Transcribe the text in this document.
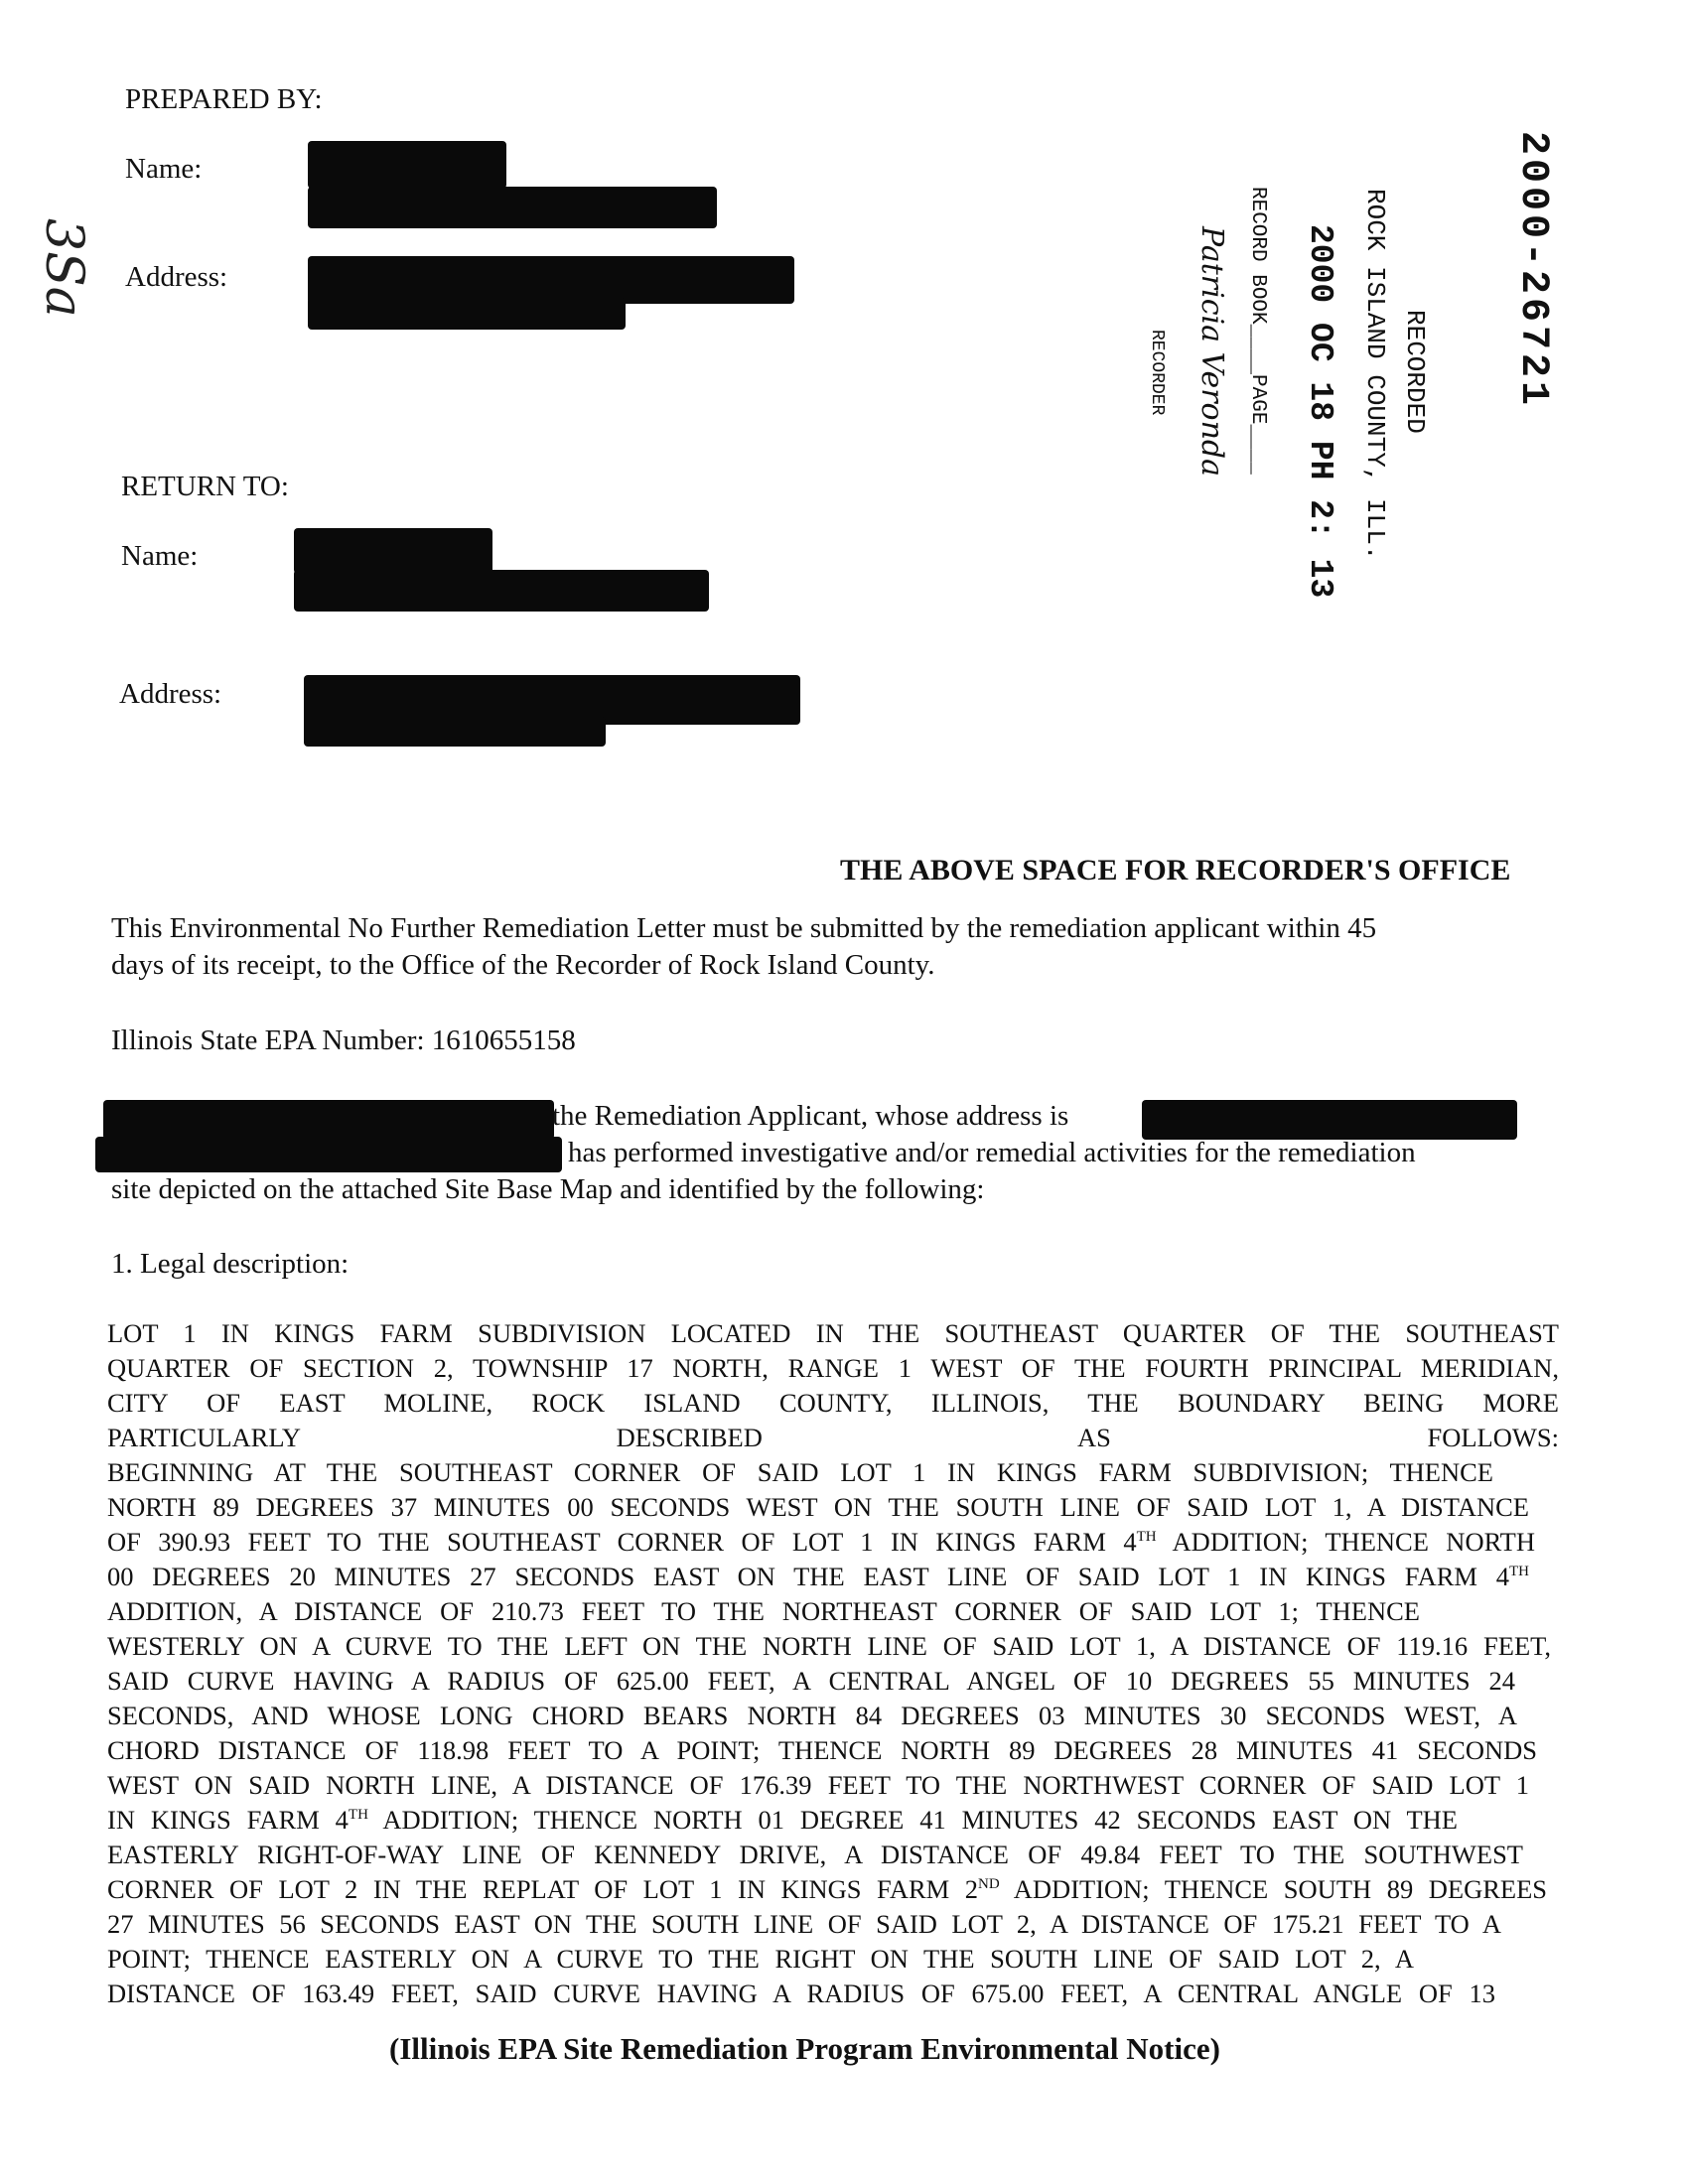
PREPARED BY:
Name:
Address:
RETURN TO:
Name:
Address:
3Sa	2000-26721
RECORDED
ROCK ISLAND COUNTY, ILL.
2000 OC 18 PH 2: 13
RECORD BOOK____PAGE____
RECORDER Patricia Veronda
THE ABOVE SPACE FOR RECORDER'S OFFICE
This Environmental No Further Remediation Letter must be submitted by the remediation applicant within 45
days of its receipt, to the Office of the Recorder of Rock Island County.
Illinois State EPA Number: 1610655158
the Remediation Applicant, whose address is
has performed investigative and/or remedial activities for the remediation
site depicted on the attached Site Base Map and identified by the following:
1. Legal description:
LOT 1 IN KINGS FARM SUBDIVISION LOCATED IN THE SOUTHEAST QUARTER OF THE SOUTHEAST
QUARTER OF SECTION 2, TOWNSHIP 17 NORTH, RANGE 1 WEST OF THE FOURTH PRINCIPAL MERIDIAN,
CITY OF EAST MOLINE, ROCK ISLAND COUNTY, ILLINOIS, THE BOUNDARY BEING MORE
PARTICULARLY DESCRIBED AS FOLLOWS:
BEGINNING AT THE SOUTHEAST CORNER OF SAID LOT 1 IN KINGS FARM SUBDIVISION; THENCE
NORTH 89 DEGREES 37 MINUTES 00 SECONDS WEST ON THE SOUTH LINE OF SAID LOT 1, A DISTANCE
OF 390.93 FEET TO THE SOUTHEAST CORNER OF LOT 1 IN KINGS FARM 4TH ADDITION; THENCE NORTH
00 DEGREES 20 MINUTES 27 SECONDS EAST ON THE EAST LINE OF SAID LOT 1 IN KINGS FARM 4TH
ADDITION, A DISTANCE OF 210.73 FEET TO THE NORTHEAST CORNER OF SAID LOT 1; THENCE
WESTERLY ON A CURVE TO THE LEFT ON THE NORTH LINE OF SAID LOT 1, A DISTANCE OF 119.16 FEET,
SAID CURVE HAVING A RADIUS OF 625.00 FEET, A CENTRAL ANGEL OF 10 DEGREES 55 MINUTES 24
SECONDS, AND WHOSE LONG CHORD BEARS NORTH 84 DEGREES 03 MINUTES 30 SECONDS WEST, A
CHORD DISTANCE OF 118.98 FEET TO A POINT; THENCE NORTH 89 DEGREES 28 MINUTES 41 SECONDS
WEST ON SAID NORTH LINE, A DISTANCE OF 176.39 FEET TO THE NORTHWEST CORNER OF SAID LOT 1
IN KINGS FARM 4TH ADDITION; THENCE NORTH 01 DEGREE 41 MINUTES 42 SECONDS EAST ON THE
EASTERLY RIGHT-OF-WAY LINE OF KENNEDY DRIVE, A DISTANCE OF 49.84 FEET TO THE SOUTHWEST
CORNER OF LOT 2 IN THE REPLAT OF LOT 1 IN KINGS FARM 2ND ADDITION; THENCE SOUTH 89 DEGREES
27 MINUTES 56 SECONDS EAST ON THE SOUTH LINE OF SAID LOT 2, A DISTANCE OF 175.21 FEET TO A
POINT; THENCE EASTERLY ON A CURVE TO THE RIGHT ON THE SOUTH LINE OF SAID LOT 2, A
DISTANCE OF 163.49 FEET, SAID CURVE HAVING A RADIUS OF 675.00 FEET, A CENTRAL ANGLE OF 13
(Illinois EPA Site Remediation Program Environmental Notice)
